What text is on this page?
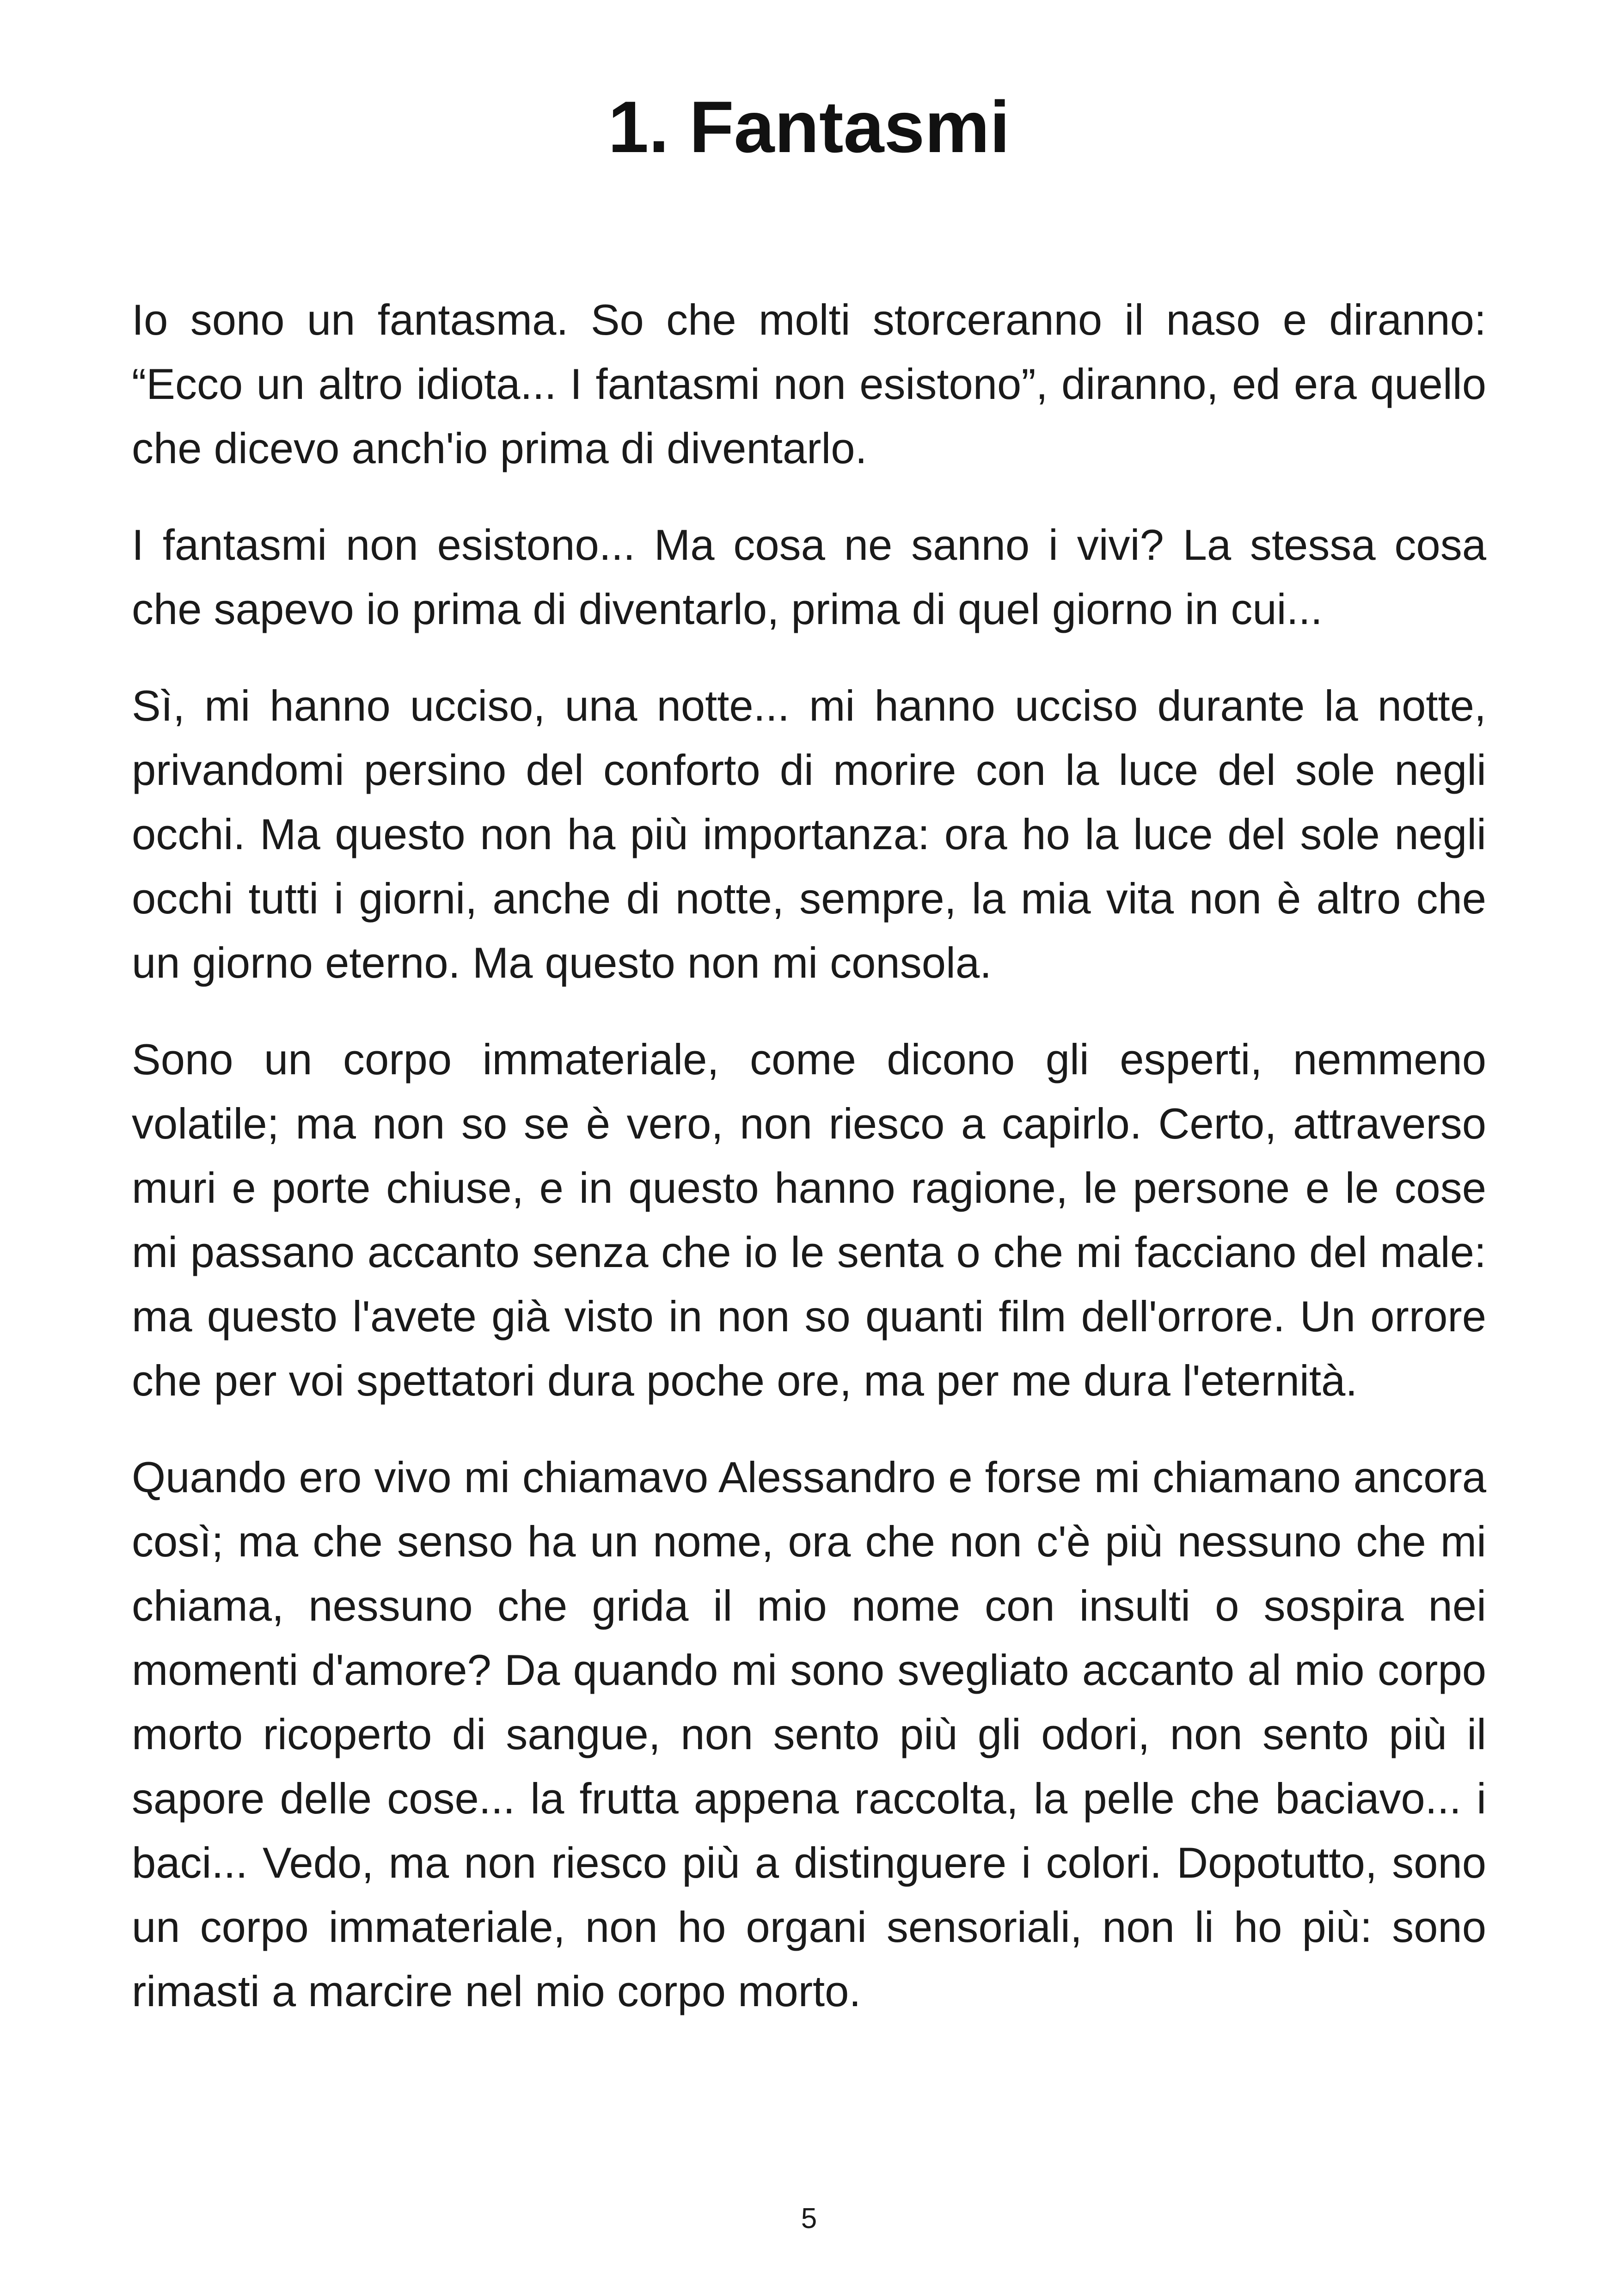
1. Fantasmi

Io sono un fantasma. So che molti storceranno il naso e diranno: “Ecco un altro idiota... I fantasmi non esistono”, diranno, ed era quello che dicevo anch'io prima di diventarlo.

I fantasmi non esistono... Ma cosa ne sanno i vivi? La stessa cosa che sapevo io prima di diventarlo, prima di quel giorno in cui...

Sì, mi hanno ucciso, una notte... mi hanno ucciso durante la notte, privandomi persino del conforto di morire con la luce del sole negli occhi. Ma questo non ha più importanza: ora ho la luce del sole negli occhi tutti i giorni, anche di notte, sempre, la mia vita non è altro che un giorno eterno. Ma questo non mi consola.

Sono un corpo immateriale, come dicono gli esperti, nemmeno volatile; ma non so se è vero, non riesco a capirlo. Certo, attraverso muri e porte chiuse, e in questo hanno ragione, le persone e le cose mi passano accanto senza che io le senta o che mi facciano del male: ma questo l'avete già visto in non so quanti film dell'orrore. Un orrore che per voi spettatori dura poche ore, ma per me dura l'eternità.

Quando ero vivo mi chiamavo Alessandro e forse mi chiamano ancora così; ma che senso ha un nome, ora che non c'è più nessuno che mi chiama, nessuno che grida il mio nome con insulti o sospira nei momenti d'amore? Da quando mi sono svegliato accanto al mio corpo morto ricoperto di sangue, non sento più gli odori, non sento più il sapore delle cose... la frutta appena raccolta, la pelle che baciavo... i baci... Vedo, ma non riesco più a distinguere i colori. Dopotutto, sono un corpo immateriale, non ho organi sensoriali, non li ho più: sono rimasti a marcire nel mio corpo morto.

5
